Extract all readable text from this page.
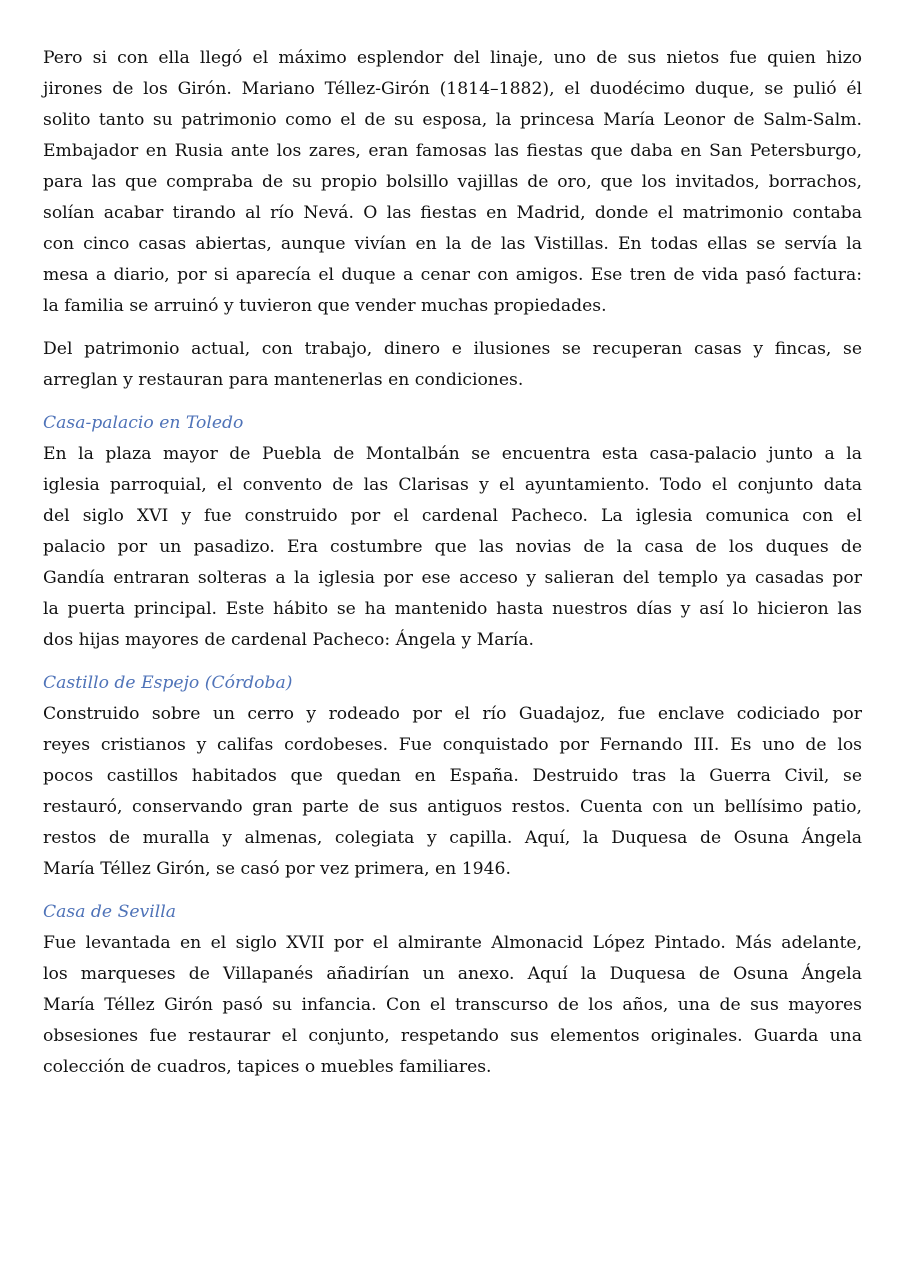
Pero si con ella llegó el máximo esplendor del linaje, uno de sus nietos fue quien hizo
jirones de los Girón. Mariano Téllez-Girón (1814–1882), el duodécimo duque, se pulió él
solito tanto su patrimonio como el de su esposa, la princesa María Leonor de Salm-Salm.
Embajador en Rusia ante los zares, eran famosas las fiestas que daba en San Petersburgo,
para las que compraba de su propio bolsillo vajillas de oro, que los invitados, borrachos,
solían acabar tirando al río Nevá. O las fiestas en Madrid, donde el matrimonio contaba
con cinco casas abiertas, aunque vivían en la de las Vistillas. En todas ellas se servía la
mesa a diario, por si aparecía el duque a cenar con amigos. Ese tren de vida pasó factura:
la familia se arruinó y tuvieron que vender muchas propiedades.
Del patrimonio actual, con trabajo, dinero e ilusiones se recuperan casas y fincas, se
arreglan y restauran para mantenerlas en condiciones.
Casa-palacio en Toledo
En la plaza mayor de Puebla de Montalbán se encuentra esta casa-palacio junto a la
iglesia parroquial, el convento de las Clarisas y el ayuntamiento. Todo el conjunto data
del siglo XVI y fue construido por el cardenal Pacheco. La iglesia comunica con el
palacio por un pasadizo. Era costumbre que las novias de la casa de los duques de
Gandía entraran solteras a la iglesia por ese acceso y salieran del templo ya casadas por
la puerta principal. Este hábito se ha mantenido hasta nuestros días y así lo hicieron las
dos hijas mayores de cardenal Pacheco: Ángela y María.
Castillo de Espejo (Córdoba)
Construido sobre un cerro y rodeado por el río Guadajoz, fue enclave codiciado por
reyes cristianos y califas cordobeses. Fue conquistado por Fernando III. Es uno de los
pocos castillos habitados que quedan en España. Destruido tras la Guerra Civil, se
restauró, conservando gran parte de sus antiguos restos. Cuenta con un bellísimo patio,
restos de muralla y almenas, colegiata y capilla. Aquí, la Duquesa de Osuna Ángela
María Téllez Girón, se casó por vez primera, en 1946.
Casa de Sevilla
Fue levantada en el siglo XVII por el almirante Almonacid López Pintado. Más adelante,
los marqueses de Villapanés añadirían un anexo. Aquí la Duquesa de Osuna Ángela
María Téllez Girón pasó su infancia. Con el transcurso de los años, una de sus mayores
obsesiones fue restaurar el conjunto, respetando sus elementos originales. Guarda una
colección de cuadros, tapices o muebles familiares.
